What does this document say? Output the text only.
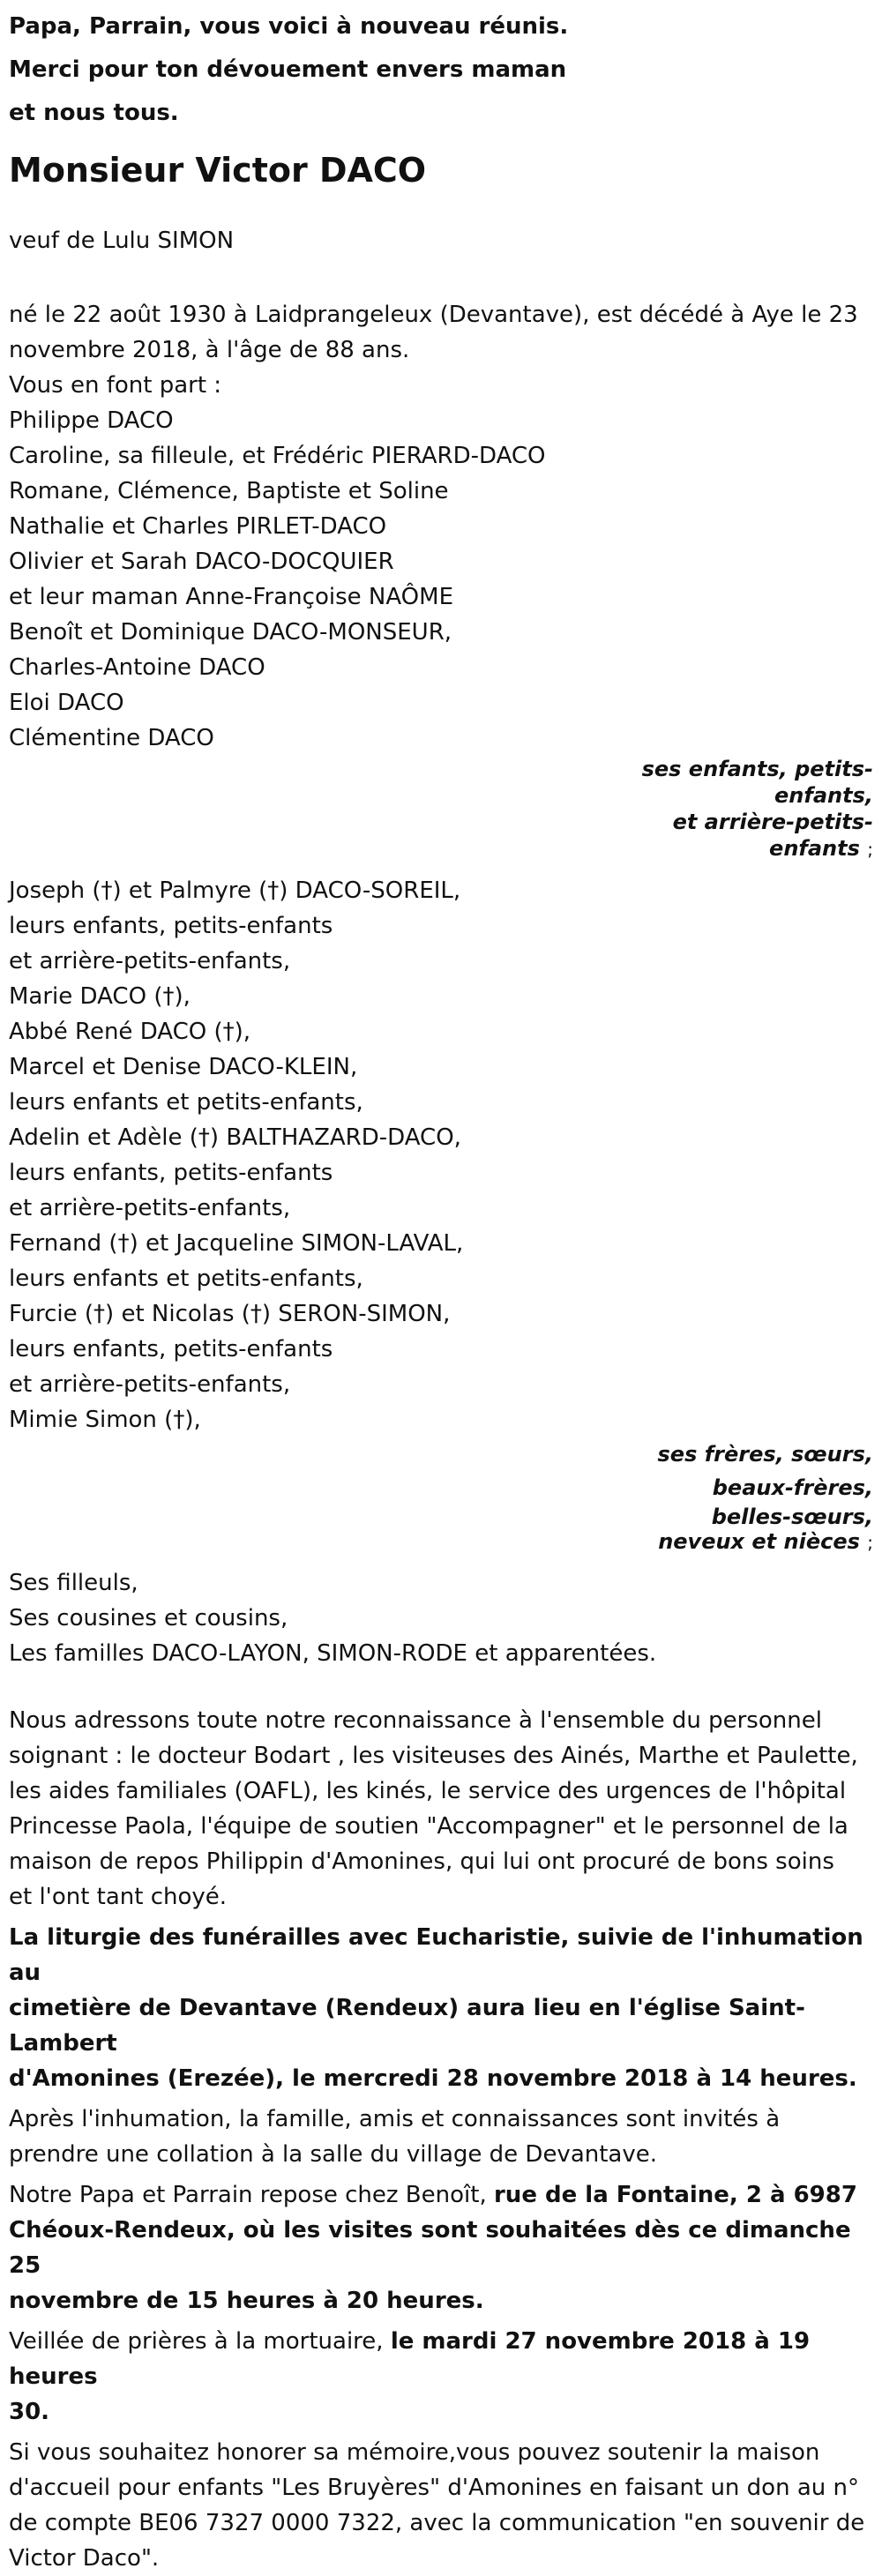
Papa, Parrain, vous voici à nouveau réunis.
Merci pour ton dévouement envers maman
et nous tous.
Monsieur Victor DACO
veuf de Lulu SIMON
né le 22 août 1930 à Laidprangeleux (Devantave), est décédé à Aye le 23
novembre 2018, à l'âge de 88 ans.
Vous en font part :
Philippe DACO
Caroline, sa filleule, et Frédéric PIERARD-DACO
Romane, Clémence, Baptiste et Soline
Nathalie et Charles PIRLET-DACO
Olivier et Sarah DACO-DOCQUIER
et leur maman Anne-Françoise NAÔME
Benoît et Dominique DACO-MONSEUR,
Charles-Antoine DACO
Eloi DACO
Clémentine DACO
ses enfants, petits-
enfants,
et arrière-petits-
enfants ;
Joseph (†) et Palmyre (†) DACO-SOREIL,
leurs enfants, petits-enfants
et arrière-petits-enfants,
Marie DACO (†),
Abbé René DACO (†),
Marcel et Denise DACO-KLEIN,
leurs enfants et petits-enfants,
Adelin et Adèle (†) BALTHAZARD-DACO,
leurs enfants, petits-enfants
et arrière-petits-enfants,
Fernand (†) et Jacqueline SIMON-LAVAL,
leurs enfants et petits-enfants,
Furcie (†) et Nicolas (†) SERON-SIMON,
leurs enfants, petits-enfants
et arrière-petits-enfants,
Mimie Simon (†),
ses frères, sœurs,
beaux-frères,
belles-sœurs,
neveux et nièces ;
Ses filleuls,
Ses cousines et cousins,
Les familles DACO-LAYON, SIMON-RODE et apparentées.
Nous adressons toute notre reconnaissance à l'ensemble du personnel
soignant : le docteur Bodart , les visiteuses des Ainés, Marthe et Paulette,
les aides familiales (OAFL), les kinés, le service des urgences de l'hôpital
Princesse Paola, l'équipe de soutien "Accompagner" et le personnel de la
maison de repos Philippin d'Amonines, qui lui ont procuré de bons soins
et l'ont tant choyé.
La liturgie des funérailles avec Eucharistie, suivie de l'inhumation au
cimetière de Devantave (Rendeux) aura lieu en l'église Saint-Lambert
d'Amonines (Erezée), le mercredi 28 novembre 2018 à 14 heures.
Après l'inhumation, la famille, amis et connaissances sont invités à
prendre une collation à la salle du village de Devantave.
Notre Papa et Parrain repose chez Benoît, rue de la Fontaine, 2 à 6987
Chéoux-Rendeux, où les visites sont souhaitées dès ce dimanche 25
novembre de 15 heures à 20 heures.
Veillée de prières à la mortuaire, le mardi 27 novembre 2018 à 19 heures
30.
Si vous souhaitez honorer sa mémoire,vous pouvez soutenir la maison
d'accueil pour enfants "Les Bruyères" d'Amonines en faisant un don au n°
de compte BE06 7327 0000 7322, avec la communication "en souvenir de
Victor Daco".
